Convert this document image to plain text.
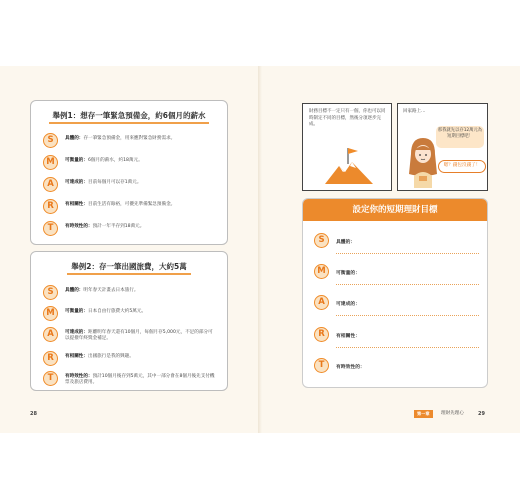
舉例1：想存一筆緊急預備金，約6個月的薪水
S	具體的：存一筆緊急預備金，用來應對緊急財務需求。
M	可衡量的：6個月的薪水，約18萬元。
A	可達成的：目前每個月可以存1萬元。
R	有相關性：目前生活有餘裕，可優先準備緊急預備金。
T	有時效性的：預計一年半存到18萬元。
舉例2：存一筆出國旅費，大約5萬
S	具體的：明年春天計畫去日本旅行。
M	可衡量的：日本自由行旅費大約5萬元。
A	可達成的：距離明年春天還有10個月，每個月存5,000元，不足的部分可以提撥年終獎金補足。
R	有相關性：出國旅行是我的興趣。
T	有時效性的：預計10個月後存到5萬元，其中一部分會在8個月後先支付機票及旅店費用。
28
財務目標不一定只有一個，你也可以同時制定不同的目標，然後分項逐步完成。
回家路上…
那我就先以存12萬元為短期目標吧！
嗯？錢包沒錢了！
設定你的短期理財目標
S	具體的：
M	可衡量的：
A	可達成的：
R	有相關性：
T	有時效性的：
第一章	理財先理心	29
